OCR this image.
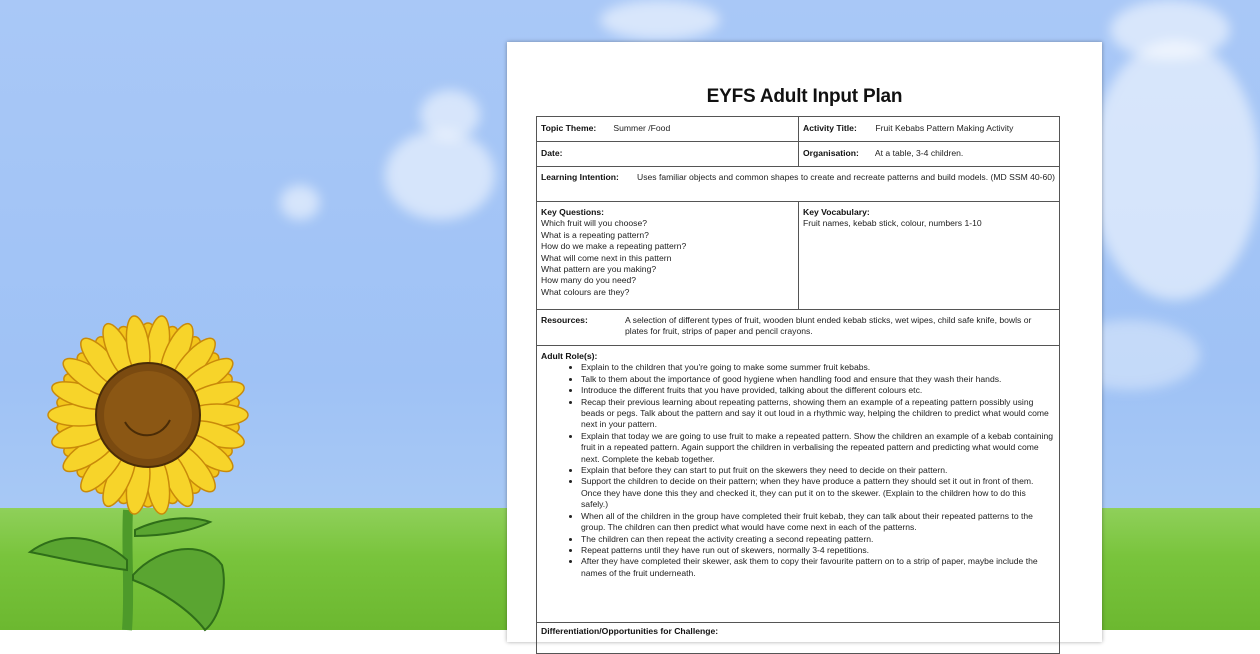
EYFS Adult Input Plan
Topic Theme: Summer /Food	Activity Title: Fruit Kebabs Pattern Making Activity
Date:	Organisation: At a table, 3-4 children.
Learning Intention:	Uses familiar objects and common shapes to create and recreate patterns and build models. (MD SSM 40-60)
Key Questions:
Which fruit will you choose?
What is a repeating pattern?
How do we make a repeating pattern?
What will come next in this pattern
What pattern are you making?
How many do you need?
What colours are they?
Key Vocabulary:
Fruit names, kebab stick, colour, numbers 1-10
Resources:	A selection of different types of fruit, wooden blunt ended kebab sticks, wet wipes, child safe knife, bowls or plates for fruit, strips of paper and pencil crayons.
Adult Role(s):
• Explain to the children that you're going to make some summer fruit kebabs.
• Talk to them about the importance of good hygiene when handling food and ensure that they wash their hands.
• Introduce the different fruits that you have provided, talking about the different colours etc.
• Recap their previous learning about repeating patterns, showing them an example of a repeating pattern possibly using beads or pegs. Talk about the pattern and say it out loud in a rhythmic way, helping the children to predict what would come next in your pattern.
• Explain that today we are going to use fruit to make a repeated pattern. Show the children an example of a kebab containing fruit in a repeated pattern. Again support the children in verbalising the repeated pattern and predicting what would come next. Complete the kebab together.
• Explain that before they can start to put fruit on the skewers they need to decide on their pattern.
• Support the children to decide on their pattern; when they have produce a pattern they should set it out in front of them. Once they have done this they and checked it, they can put it on to the skewer. (Explain to the children how to do this safely.)
• When all of the children in the group have completed their fruit kebab, they can talk about their repeated patterns to the group. The children can then predict what would have come next in each of the patterns.
• The children can then repeat the activity creating a second repeating pattern.
• Repeat patterns until they have run out of skewers, normally 3-4 repetitions.
• After they have completed their skewer, ask them to copy their favourite pattern on to a strip of paper, maybe include the names of the fruit underneath.
Differentiation/Opportunities for Challenge:
